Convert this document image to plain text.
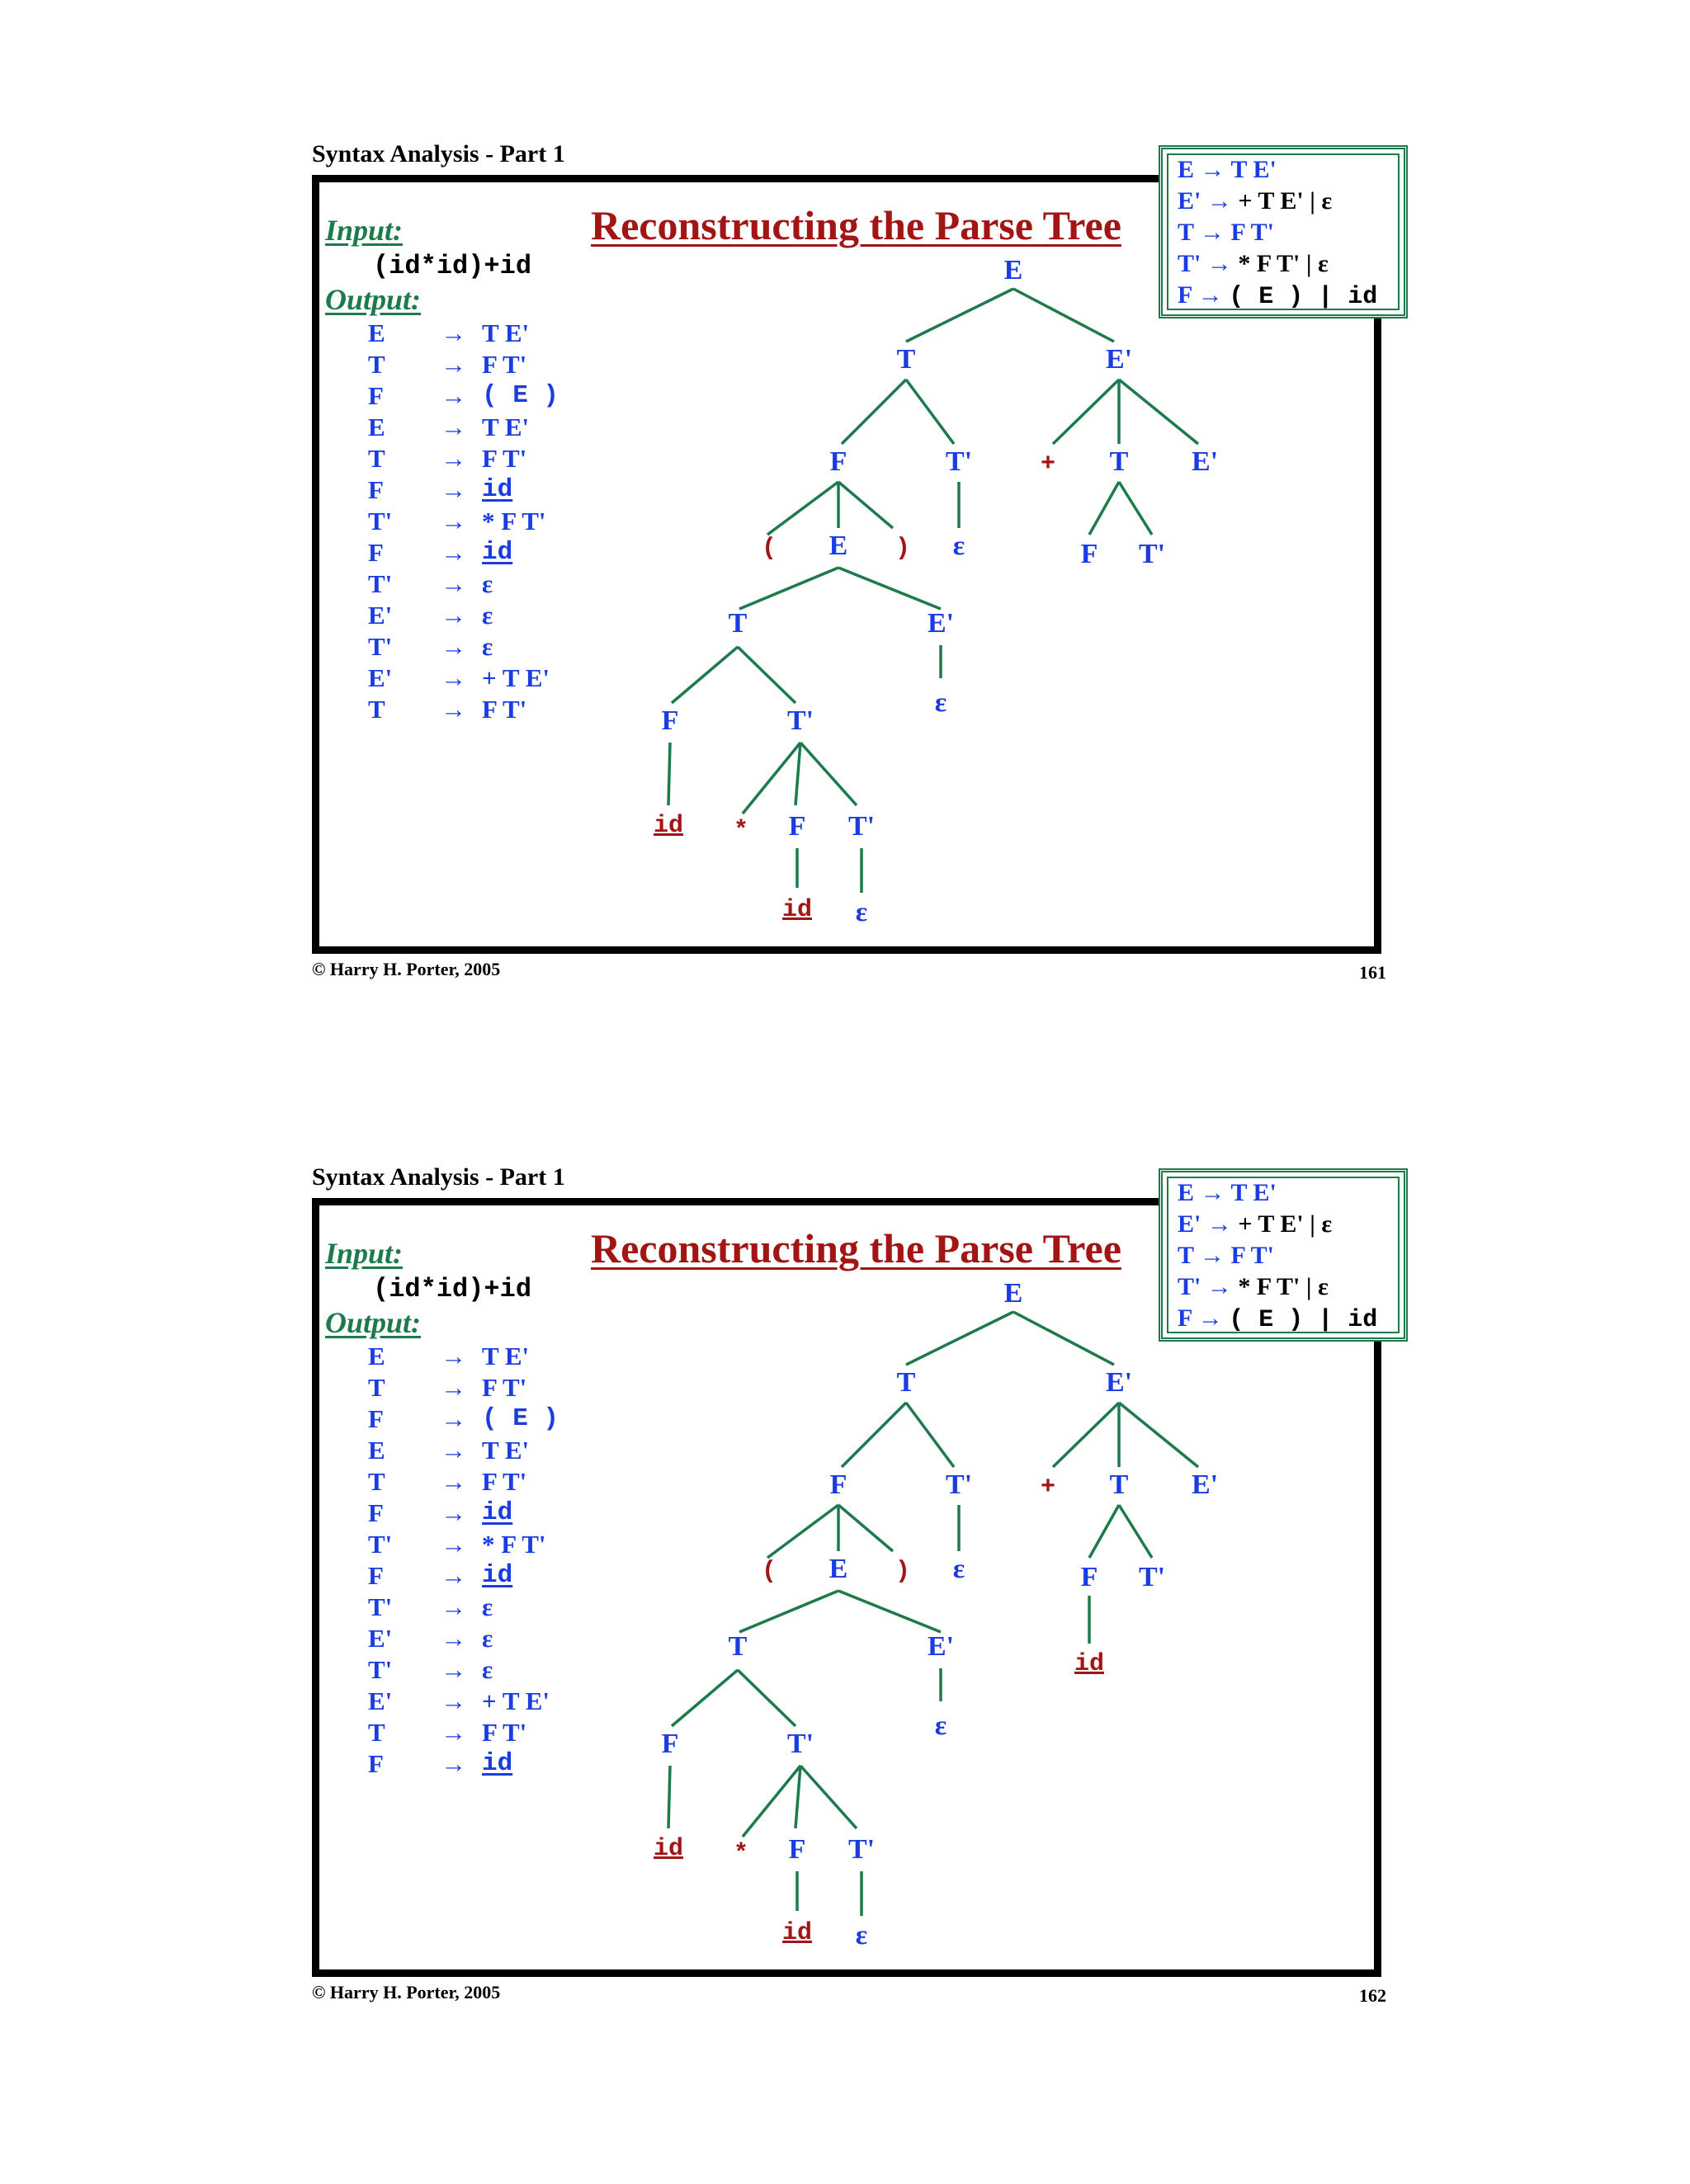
Syntax Analysis - Part 1
Reconstructing the Parse Tree
Input:
(id*id)+id
Output:
E → T E'
T → F T'
F → ( E )
E → T E'
T → F T'
F → id
T' → * F T'
F → id
T' → ε
E' → ε
T' → ε
E' → + T E'
T → F T'
E → T E'
E' → + T E' | ε
T → F T'
T' → * F T' | ε
F → ( E ) | id
© Harry H. Porter, 2005	161
E
T	E'
F	T'	+ T E'
( E ) ε	F T'
T	E'
ε
F	T'
id * F T'
id ε
Syntax Analysis - Part 1
Reconstructing the Parse Tree
Input:
(id*id)+id
Output:
E → T E'
T → F T'
F → ( E )
E → T E'
T → F T'
F → id
T' → * F T'
F → id
T' → ε
E' → ε
T' → ε
E' → + T E'
T → F T'
F → id
E → T E'
E' → + T E' | ε
T → F T'
T' → * F T' | ε
F → ( E ) | id
© Harry H. Porter, 2005	162
E
T	E'
F	T'	+ T E'
( E ) ε	F T'
T	E'
ε
F	T'
id * F T'
id ε
id
